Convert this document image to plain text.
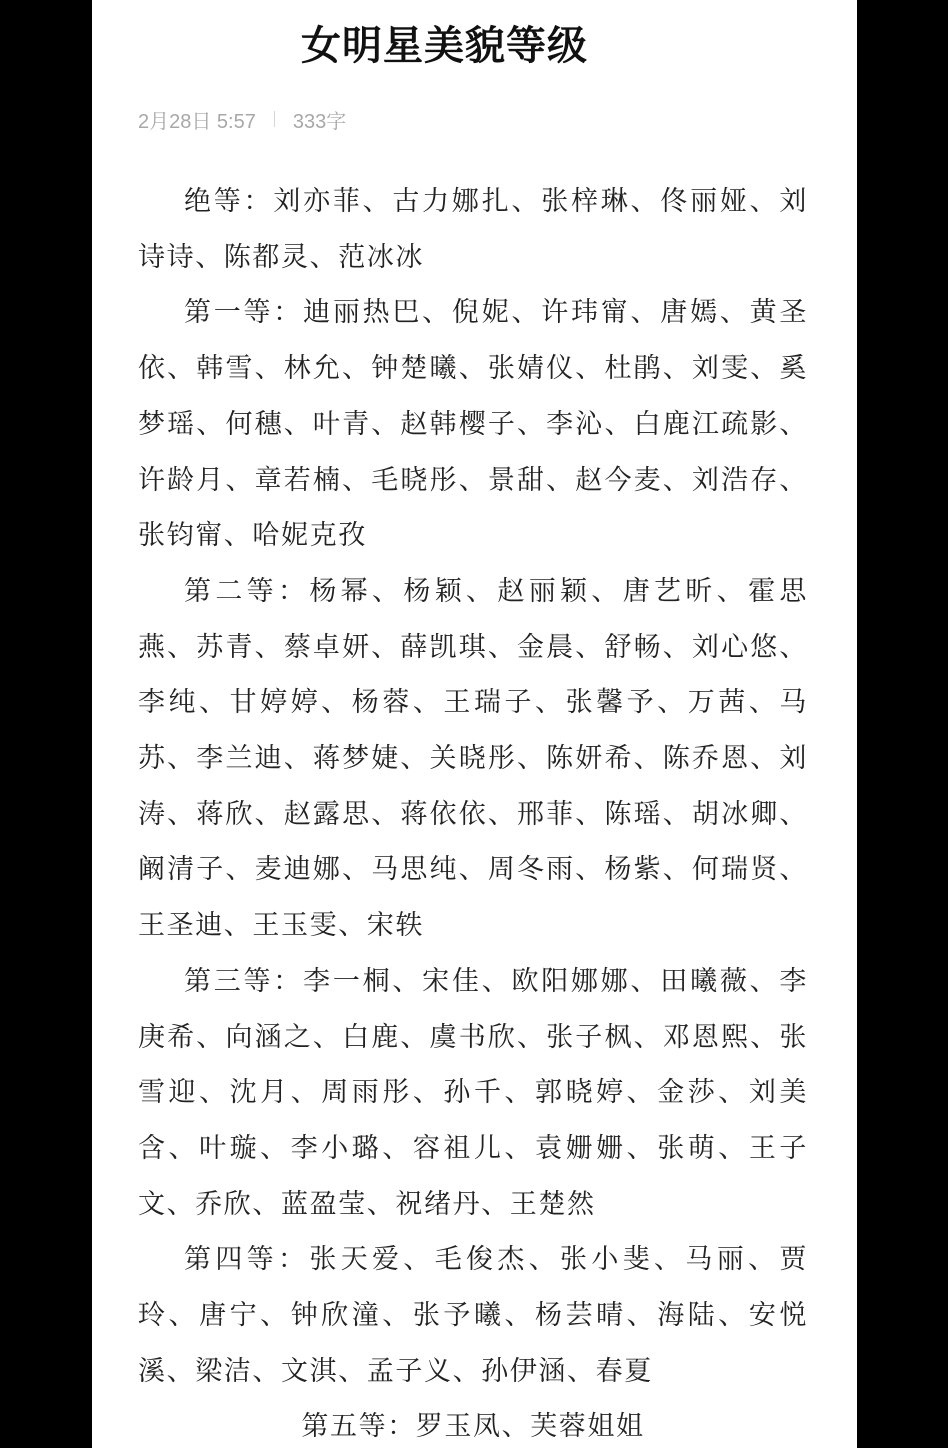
女明星美貌等级
2月28日 5:57 333字

绝等：刘亦菲、古力娜扎、张梓琳、佟丽娅、刘诗诗、陈都灵、范冰冰

第一等：迪丽热巴、倪妮、许玮甯、唐嫣、黄圣依、韩雪、林允、钟楚曦、张婧仪、杜鹃、刘雯、奚梦瑶、何穗、叶青、赵韩樱子、李沁、白鹿江疏影、许龄月、章若楠、毛晓彤、景甜、赵今麦、刘浩存、张钧甯、哈妮克孜

第二等：杨幂、杨颖、赵丽颖、唐艺昕、霍思燕、苏青、蔡卓妍、薛凯琪、金晨、舒畅、刘心悠、李纯、甘婷婷、杨蓉、王瑞子、张馨予、万茜、马苏、李兰迪、蒋梦婕、关晓彤、陈妍希、陈乔恩、刘涛、蒋欣、赵露思、蒋依依、邢菲、陈瑶、胡冰卿、阚清子、麦迪娜、马思纯、周冬雨、杨紫、何瑞贤、王圣迪、王玉雯、宋轶

第三等：李一桐、宋佳、欧阳娜娜、田曦薇、李庚希、向涵之、白鹿、虞书欣、张子枫、邓恩熙、张雪迎、沈月、周雨彤、孙千、郭晓婷、金莎、刘美含、叶璇、李小璐、容祖儿、袁姗姗、张萌、王子文、乔欣、蓝盈莹、祝绪丹、王楚然

第四等：张天爱、毛俊杰、张小斐、马丽、贾玲、唐宁、钟欣潼、张予曦、杨芸晴、海陆、安悦溪、梁洁、文淇、孟子义、孙伊涵、春夏

第五等：罗玉凤、芙蓉姐姐
